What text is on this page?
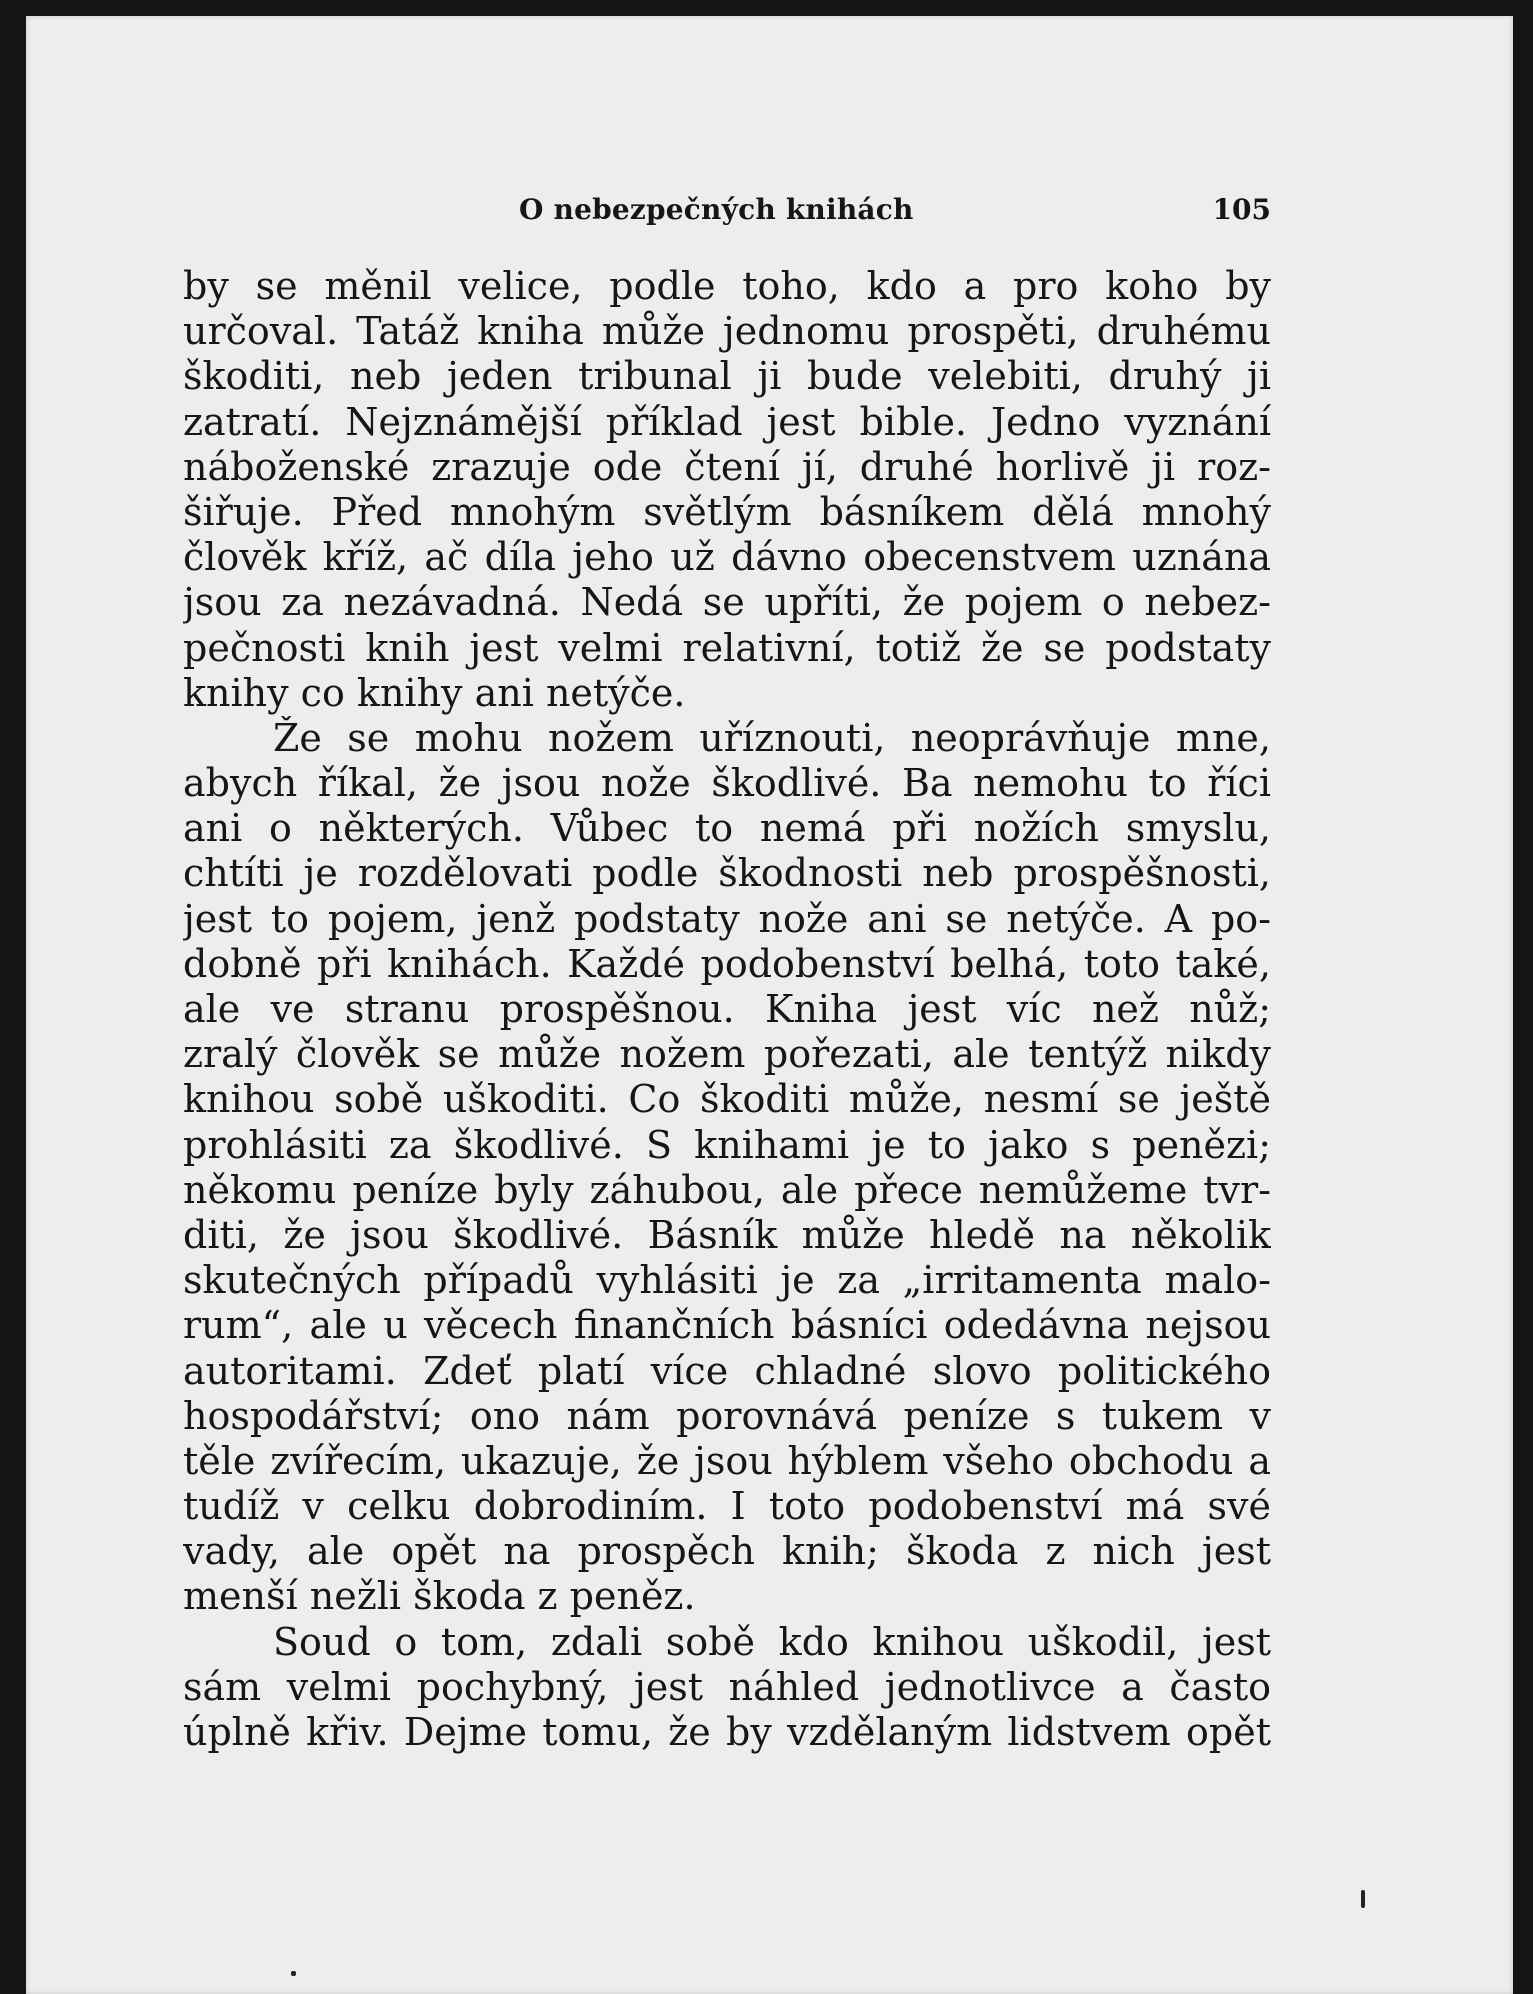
O nebezpečných knihách	105
by se měnil velice, podle toho, kdo a pro koho by
určoval. Tatáž kniha může jednomu prospěti, druhému
škoditi, neb jeden tribunal ji bude velebiti, druhý ji
zatratí. Nejznámější příklad jest bible. Jedno vyznání
náboženské zrazuje ode čtení jí, druhé horlivě ji roz-
šiřuje. Před mnohým světlým básníkem dělá mnohý
člověk kříž, ač díla jeho už dávno obecenstvem uznána
jsou za nezávadná. Nedá se upříti, že pojem o nebez-
pečnosti knih jest velmi relativní, totiž že se podstaty
knihy co knihy ani netýče.
Že se mohu nožem uříznouti, neoprávňuje mne,
abych říkal, že jsou nože škodlivé. Ba nemohu to říci
ani o některých. Vůbec to nemá při nožích smyslu,
chtíti je rozdělovati podle škodnosti neb prospěšnosti,
jest to pojem, jenž podstaty nože ani se netýče. A po-
dobně při knihách. Každé podobenství belhá, toto také,
ale ve stranu prospěšnou. Kniha jest víc než nůž;
zralý člověk se může nožem pořezati, ale tentýž nikdy
knihou sobě uškoditi. Co škoditi může, nesmí se ještě
prohlásiti za škodlivé. S knihami je to jako s penězi;
někomu peníze byly záhubou, ale přece nemůžeme tvr-
diti, že jsou škodlivé. Básník může hledě na několik
skutečných případů vyhlásiti je za „irritamenta malo-
rum“, ale u věcech finančních básníci odedávna nejsou
autoritami. Zdeť platí více chladné slovo politického
hospodářství; ono nám porovnává peníze s tukem v
těle zvířecím, ukazuje, že jsou hýblem všeho obchodu a
tudíž v celku dobrodiním. I toto podobenství má své
vady, ale opět na prospěch knih; škoda z nich jest
menší nežli škoda z peněz.
Soud o tom, zdali sobě kdo knihou uškodil, jest
sám velmi pochybný, jest náhled jednotlivce a často
úplně křiv. Dejme tomu, že by vzdělaným lidstvem opět
